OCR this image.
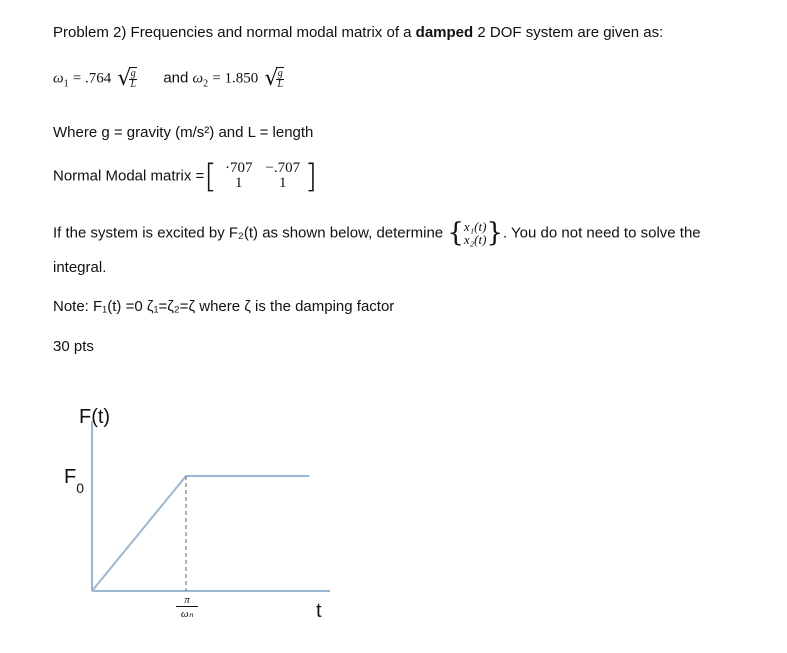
Problem 2) Frequencies and normal modal matrix of a damped 2 DOF system are given as:
$\omega_1 = .764$ √
$\frac{g}{L}$ and $\omega_2 = 1.850$ √
$\frac{g}{L}$
Where g = gravity (m/s²) and L = length
Normal Modal matrix =[ ·707 −.707
1	1 ]
If the system is excited by F₂(t) as shown below, determine { x₁(t)
x₂(t) }. You do not need to solve the
integral.
Note: F₁(t) =0 ζ₁=ζ₂=ζ where ζ is the damping factor
30 pts
F(t)
$F_0$
$\frac{\pi}{\text{ωₙ}}$	t
